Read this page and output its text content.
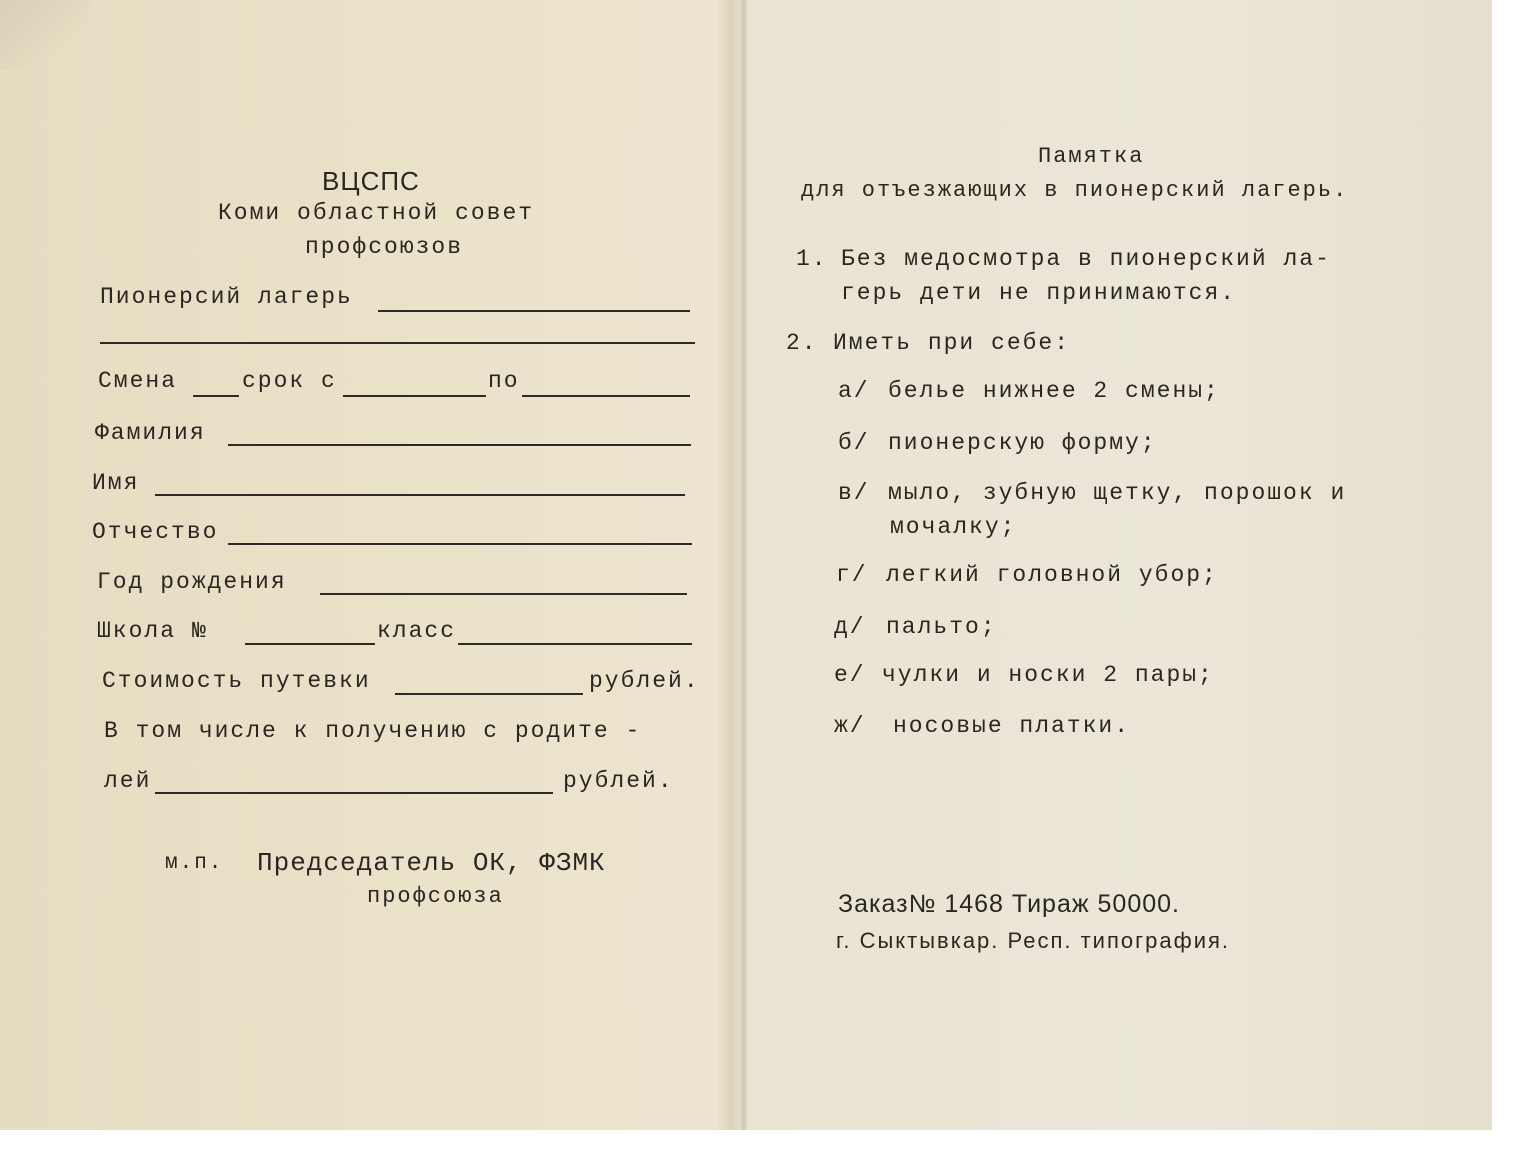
ВЦСПС
Коми областной совет
профсоюзов
Пионерсий лагерь
Смена	срок с	по
Фамилия
Имя
Отчество
Год рождения
Школа №	класс
Стоимость путевки	рублей.
В том числе к получению с родите -
лей	рублей.
м.п. Председатель ОК, ФЗМК
профсоюза
Памятка
для отъезжающих в пионерский лагерь.
1. Без медосмотра в пионерский ла-
герь дети не принимаются.
2. Иметь при себе:
а/ белье нижнее 2 смены;
б/ пионерскую форму;
в/ мыло, зубную щетку, порошок и
мочалку;
г/ легкий головной убор;
д/ пальто;
е/ чулки и носки 2 пары;
ж/ носовые платки.
Заказ№ 1468 Тираж 50000.
г. Сыктывкар. Респ. типография.
